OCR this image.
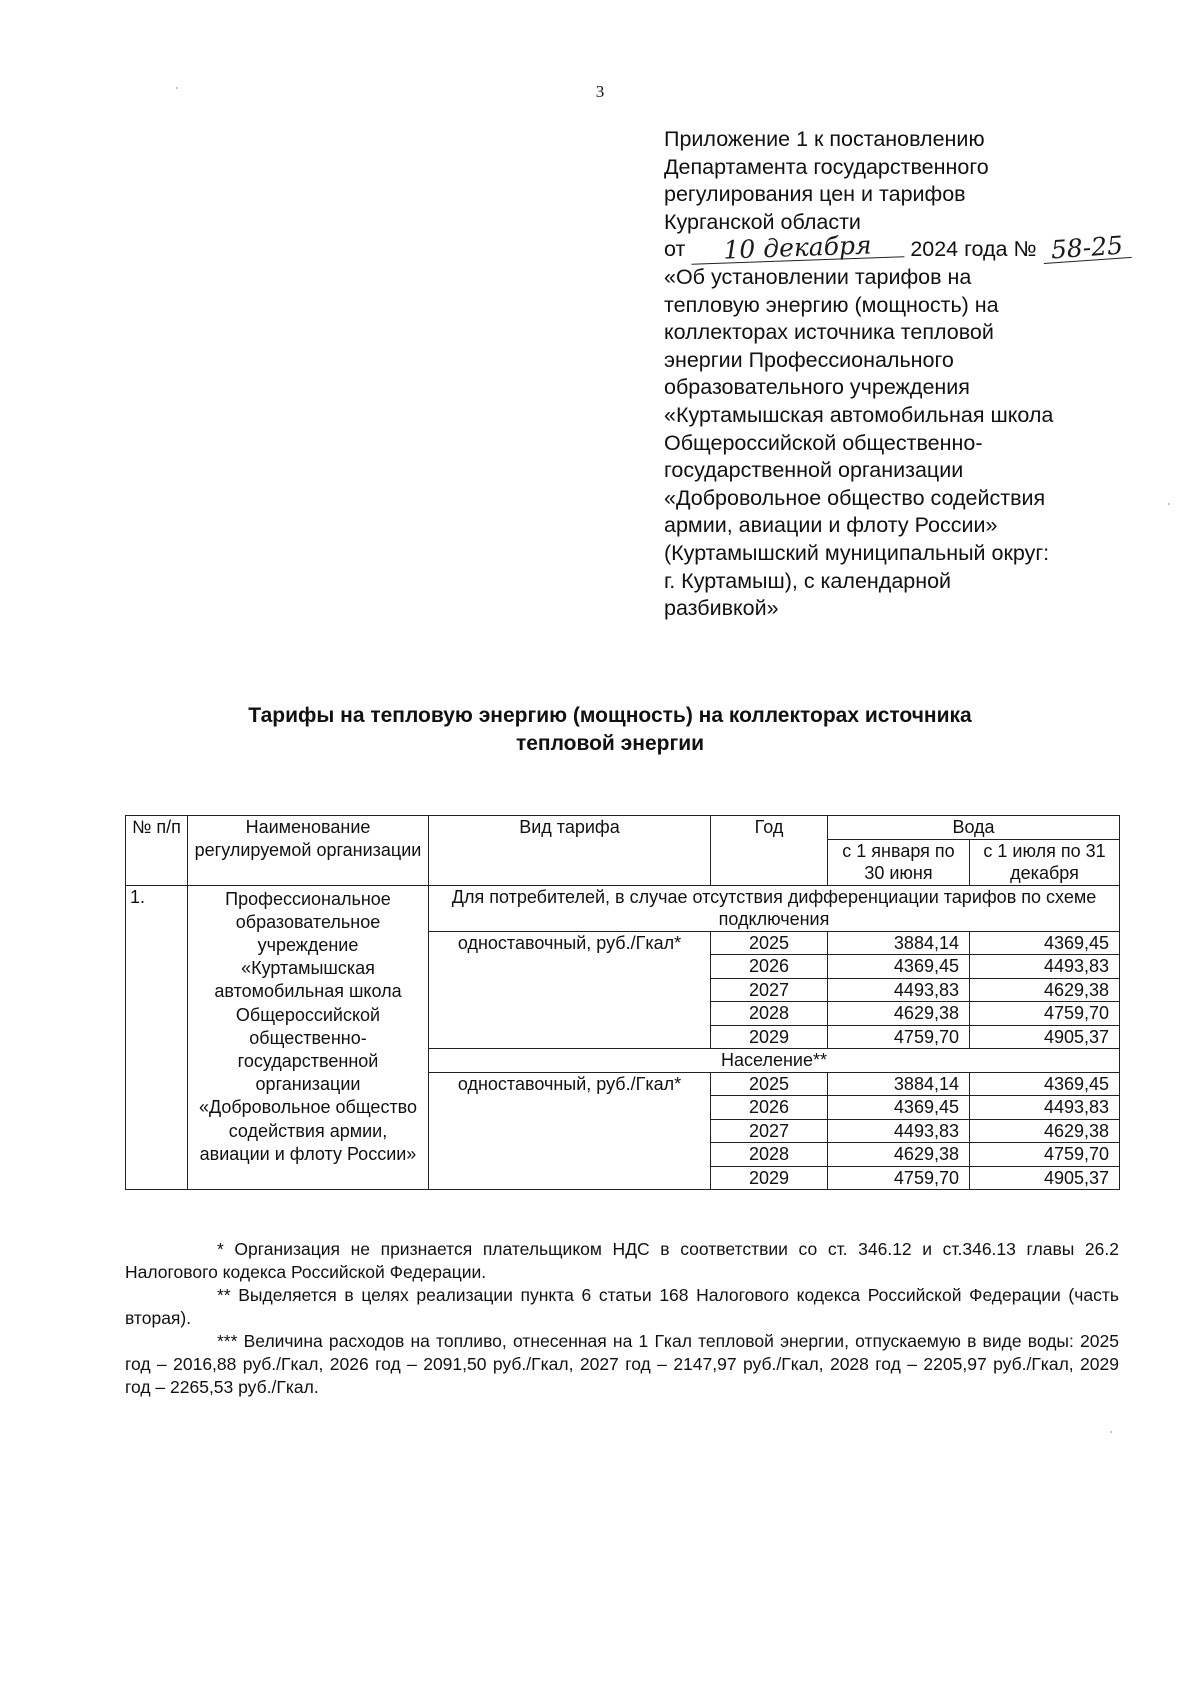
3
Приложение 1 к постановлению
Департамента государственного
регулирования цен и тарифов
Курганской области
от 10 декабря 2024 года № 58-25
«Об установлении тарифов на
тепловую энергию (мощность) на
коллекторах источника тепловой
энергии Профессионального
образовательного учреждения
«Куртамышская автомобильная школа
Общероссийской общественно-
государственной организации
«Добровольное общество содействия
армии, авиации и флоту России»
(Куртамышский муниципальный округ:
г. Куртамыш), с календарной
разбивкой»
Тарифы на тепловую энергию (мощность) на коллекторах источника
тепловой энергии
№ п/п	Наименование регулируемой организации	Вид тарифа	Год	Вода	
				с 1 января по 30 июня	с 1 июля по 31 декабря
1.	Профессиональное образовательное учреждение «Куртамышская автомобильная школа Общероссийской общественно-государственной организации «Добровольное общество содействия армии, авиации и флоту России»	Для потребителей, в случае отсутствия дифференциации тарифов по схеме подключения			
		одноставочный, руб./Гкал*	2025	3884,14	4369,45
			2026	4369,45	4493,83
			2027	4493,83	4629,38
			2028	4629,38	4759,70
			2029	4759,70	4905,37
		Население**			
		одноставочный, руб./Гкал*	2025	3884,14	4369,45
			2026	4369,45	4493,83
			2027	4493,83	4629,38
			2028	4629,38	4759,70
			2029	4759,70	4905,37

* Организация не признается плательщиком НДС в соответствии со ст. 346.12 и ст.346.13 главы 26.2 Налогового кодекса Российской Федерации.

** Выделяется в целях реализации пункта 6 статьи 168 Налогового кодекса Российской Федерации (часть вторая).

*** Величина расходов на топливо, отнесенная на 1 Гкал тепловой энергии, отпускаемую в виде воды: 2025 год – 2016,88 руб./Гкал, 2026 год – 2091,50 руб./Гкал, 2027 год – 2147,97 руб./Гкал, 2028 год – 2205,97 руб./Гкал, 2029 год – 2265,53 руб./Гкал.
